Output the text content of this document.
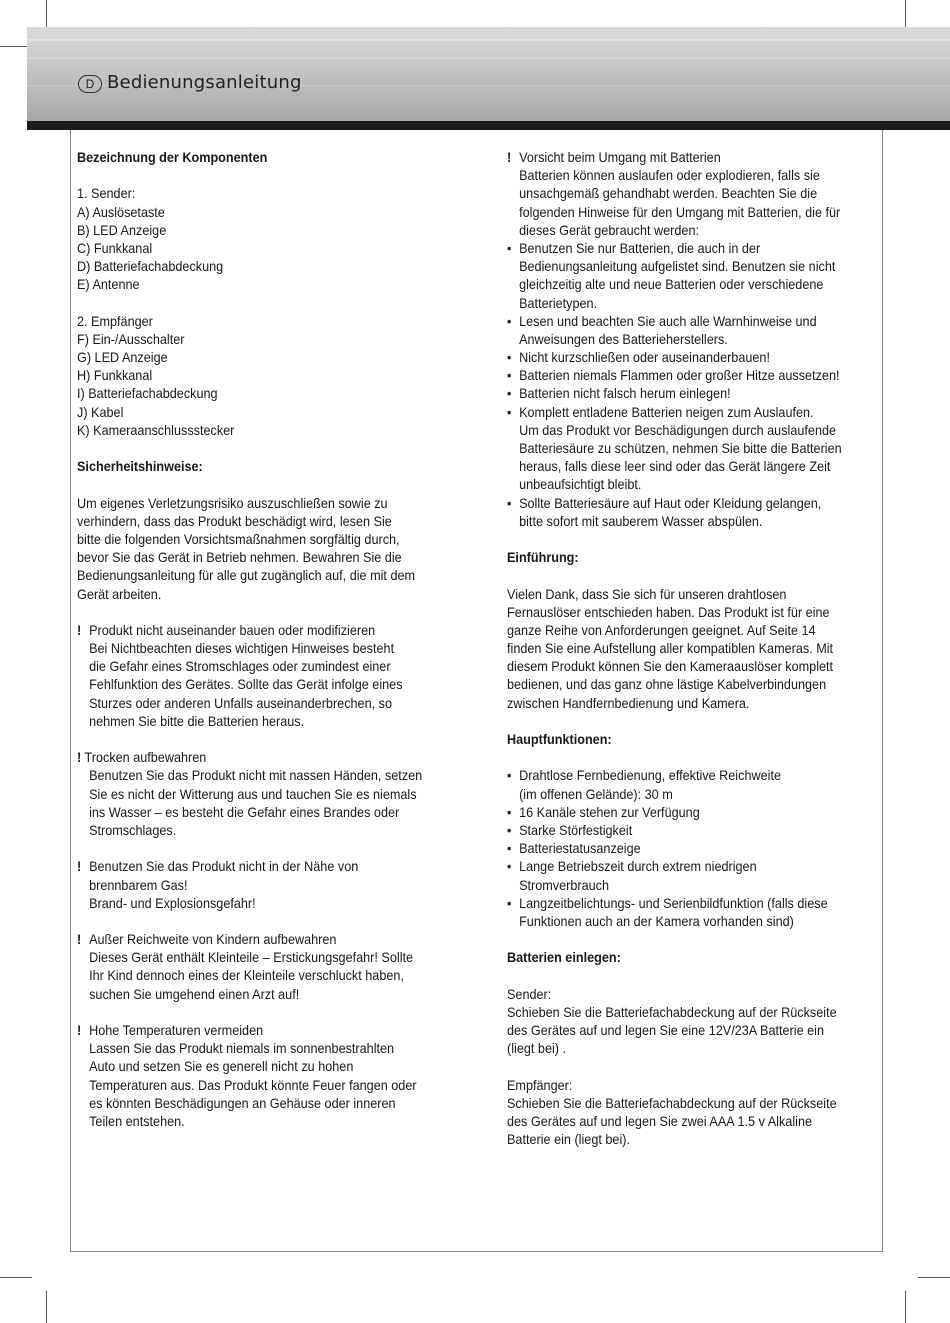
D Bedienungsanleitung
Bezeichnung der Komponenten
1. Sender:
A) Auslösetaste
B) LED Anzeige
C) Funkkanal
D) Batteriefachabdeckung
E) Antenne
2. Empfänger
F) Ein-/Ausschalter
G) LED Anzeige
H) Funkkanal
I) Batteriefachabdeckung
J) Kabel
K) Kameraanschlussstecker
Sicherheitshinweise:
Um eigenes Verletzungsrisiko auszuschließen sowie zu
verhindern, dass das Produkt beschädigt wird, lesen Sie
bitte die folgenden Vorsichtsmaßnahmen sorgfältig durch,
bevor Sie das Gerät in Betrieb nehmen. Bewahren Sie die
Bedienungsanleitung für alle gut zugänglich auf, die mit dem
Gerät arbeiten.
! Produkt nicht auseinander bauen oder modifizieren
Bei Nichtbeachten dieses wichtigen Hinweises besteht
die Gefahr eines Stromschlages oder zumindest einer
Fehlfunktion des Gerätes. Sollte das Gerät infolge eines
Sturzes oder anderen Unfalls auseinanderbrechen, so
nehmen Sie bitte die Batterien heraus.
! Trocken aufbewahren
Benutzen Sie das Produkt nicht mit nassen Händen, setzen
Sie es nicht der Witterung aus und tauchen Sie es niemals
ins Wasser – es besteht die Gefahr eines Brandes oder
Stromschlages.
! Benutzen Sie das Produkt nicht in der Nähe von
brennbarem Gas!
Brand- und Explosionsgefahr!
! Außer Reichweite von Kindern aufbewahren
Dieses Gerät enthält Kleinteile – Erstickungsgefahr! Sollte
Ihr Kind dennoch eines der Kleinteile verschluckt haben,
suchen Sie umgehend einen Arzt auf!
! Hohe Temperaturen vermeiden
Lassen Sie das Produkt niemals im sonnenbestrahlten
Auto und setzen Sie es generell nicht zu hohen
Temperaturen aus. Das Produkt könnte Feuer fangen oder
es könnten Beschädigungen an Gehäuse oder inneren
Teilen entstehen.
! Vorsicht beim Umgang mit Batterien
Batterien können auslaufen oder explodieren, falls sie
unsachgemäß gehandhabt werden. Beachten Sie die
folgenden Hinweise für den Umgang mit Batterien, die für
dieses Gerät gebraucht werden:
• Benutzen Sie nur Batterien, die auch in der
Bedienungsanleitung aufgelistet sind. Benutzen sie nicht
gleichzeitig alte und neue Batterien oder verschiedene
Batterietypen.
• Lesen und beachten Sie auch alle Warnhinweise und
Anweisungen des Batterieherstellers.
• Nicht kurzschließen oder auseinanderbauen!
• Batterien niemals Flammen oder großer Hitze aussetzen!
• Batterien nicht falsch herum einlegen!
• Komplett entladene Batterien neigen zum Auslaufen.
Um das Produkt vor Beschädigungen durch auslaufende
Batteriesäure zu schützen, nehmen Sie bitte die Batterien
heraus, falls diese leer sind oder das Gerät längere Zeit
unbeaufsichtigt bleibt.
• Sollte Batteriesäure auf Haut oder Kleidung gelangen,
bitte sofort mit sauberem Wasser abspülen.
Einführung:
Vielen Dank, dass Sie sich für unseren drahtlosen
Fernauslöser entschieden haben. Das Produkt ist für eine
ganze Reihe von Anforderungen geeignet. Auf Seite 14
finden Sie eine Aufstellung aller kompatiblen Kameras. Mit
diesem Produkt können Sie den Kameraauslöser komplett
bedienen, und das ganz ohne lästige Kabelverbindungen
zwischen Handfernbedienung und Kamera.
Hauptfunktionen:
• Drahtlose Fernbedienung, effektive Reichweite
(im offenen Gelände): 30 m
• 16 Kanäle stehen zur Verfügung
• Starke Störfestigkeit
• Batteriestatusanzeige
• Lange Betriebszeit durch extrem niedrigen
Stromverbrauch
• Langzeitbelichtungs- und Serienbildfunktion (falls diese
Funktionen auch an der Kamera vorhanden sind)
Batterien einlegen:
Sender:
Schieben Sie die Batteriefachabdeckung auf der Rückseite
des Gerätes auf und legen Sie eine 12V/23A Batterie ein
(liegt bei) .
Empfänger:
Schieben Sie die Batteriefachabdeckung auf der Rückseite
des Gerätes auf und legen Sie zwei AAA 1.5 v Alkaline
Batterie ein (liegt bei).
